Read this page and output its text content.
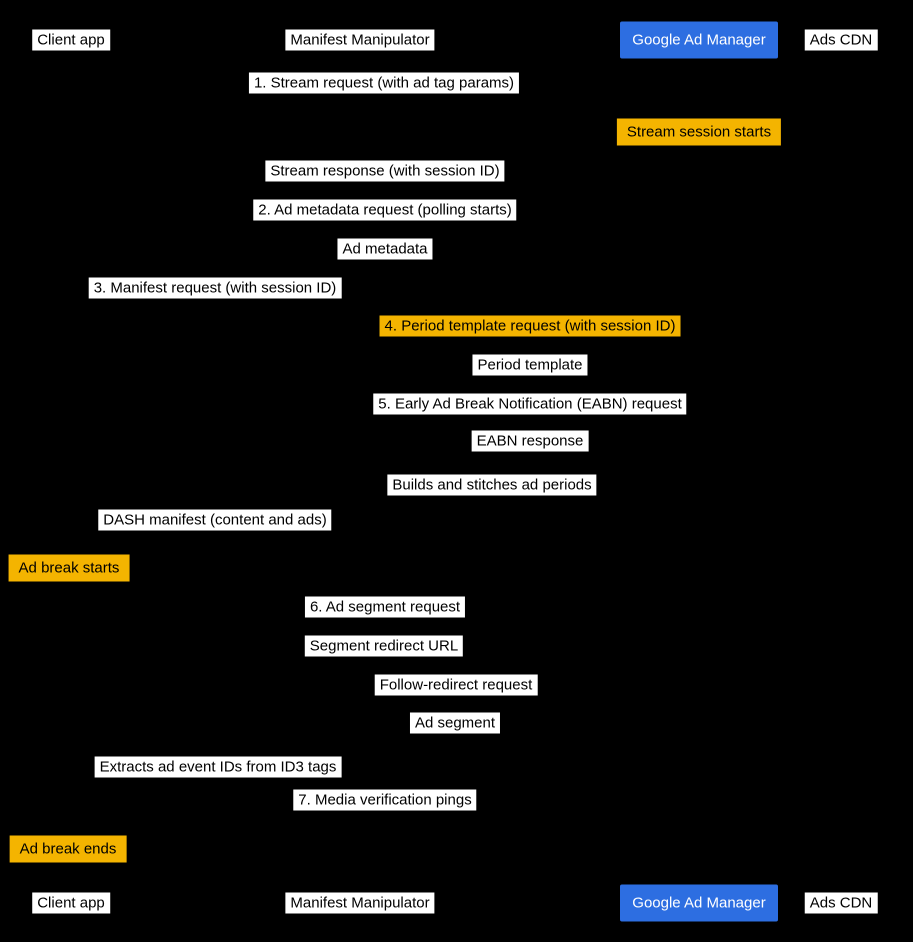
Client app
Client app
Manifest Manipulator
Manifest Manipulator
Google Ad Manager
Google Ad Manager
Ads CDN
Ads CDN
1. Stream request (with ad tag params)
Stream session starts
Stream response (with session ID)
2. Ad metadata request (polling starts)
Ad metadata
3. Manifest request (with session ID)
4. Period template request (with session ID)
Period template
5. Early Ad Break Notification (EABN) request
EABN response
Builds and stitches ad periods
DASH manifest (content and ads)
Ad break starts
6. Ad segment request
Segment redirect URL
Follow-redirect request
Ad segment
Extracts ad event IDs from ID3 tags
7. Media verification pings
Ad break ends
